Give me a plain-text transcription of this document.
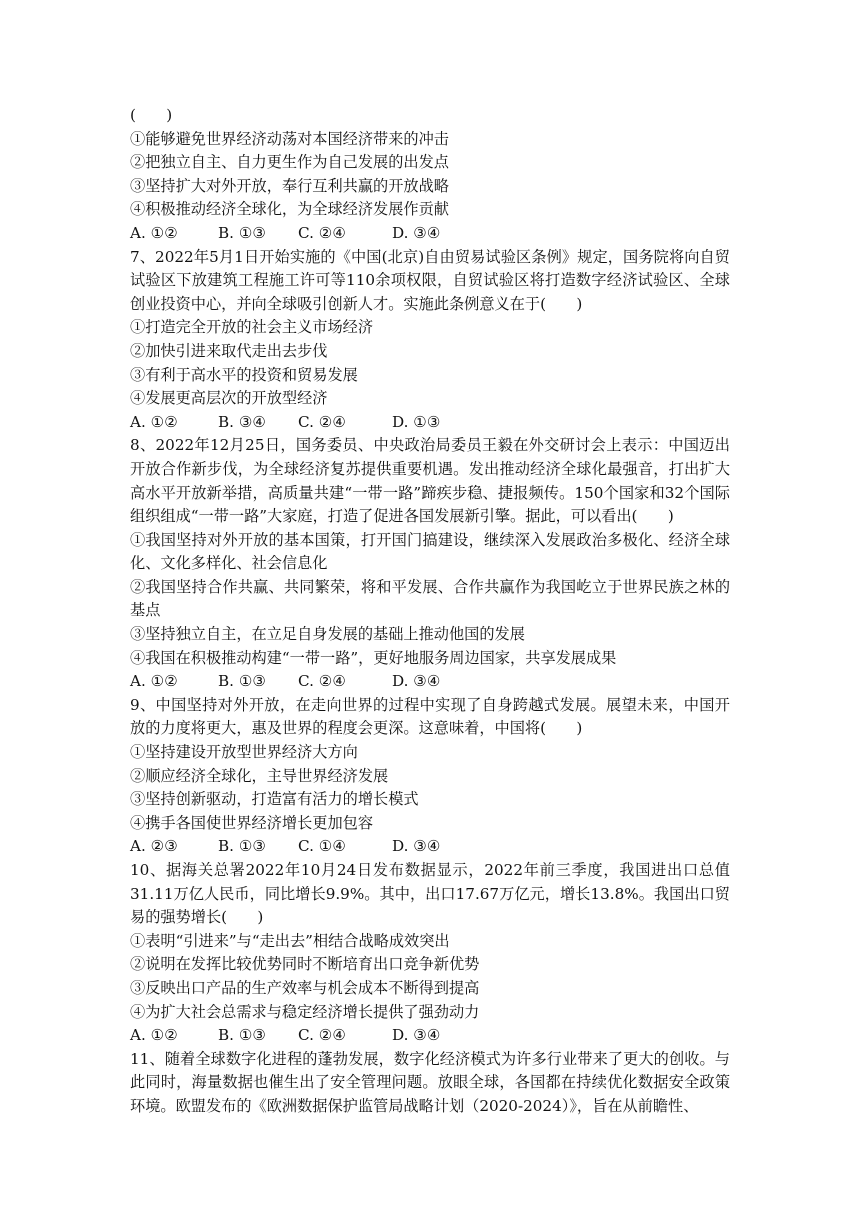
(　　)
①能够避免世界经济动荡对本国经济带来的冲击
②把独立自主、自力更生作为自己发展的出发点
③坚持扩大对外开放，奉行互利共赢的开放战略
④积极推动经济全球化，为全球经济发展作贡献
A. ①②	B. ①③	C. ②④	D. ③④
7、2022年5月1日开始实施的《中国(北京)自由贸易试验区条例》规定，国务院将向自贸试验区下放建筑工程施工许可等110余项权限，自贸试验区将打造数字经济试验区、全球创业投资中心，并向全球吸引创新人才。实施此条例意义在于(　　)
①打造完全开放的社会主义市场经济
②加快引进来取代走出去步伐
③有利于高水平的投资和贸易发展
④发展更高层次的开放型经济
A. ①②	B. ③④	C. ②④	D. ①③
8、2022年12月25日，国务委员、中央政治局委员王毅在外交研讨会上表示：中国迈出开放合作新步伐，为全球经济复苏提供重要机遇。发出推动经济全球化最强音，打出扩大高水平开放新举措，高质量共建“一带一路”蹄疾步稳、捷报频传。150个国家和32个国际组织组成“一带一路”大家庭，打造了促进各国发展新引擎。据此，可以看出(　　)
①我国坚持对外开放的基本国策，打开国门搞建设，继续深入发展政治多极化、经济全球化、文化多样化、社会信息化
②我国坚持合作共赢、共同繁荣，将和平发展、合作共赢作为我国屹立于世界民族之林的基点
③坚持独立自主，在立足自身发展的基础上推动他国的发展
④我国在积极推动构建“一带一路”，更好地服务周边国家，共享发展成果
A. ①②	B. ①③	C. ②④	D. ③④
9、中国坚持对外开放，在走向世界的过程中实现了自身跨越式发展。展望未来，中国开放的力度将更大，惠及世界的程度会更深。这意味着，中国将(　　)
①坚持建设开放型世界经济大方向
②顺应经济全球化，主导世界经济发展
③坚持创新驱动，打造富有活力的增长模式
④携手各国使世界经济增长更加包容
A. ②③	B. ①③	C. ①④	D. ③④
10、据海关总署2022年10月24日发布数据显示，2022年前三季度，我国进出口总值31.11万亿人民币，同比增长9.9%。其中，出口17.67万亿元，增长13.8%。我国出口贸易的强势增长(　　)
①表明“引进来”与“走出去”相结合战略成效突出
②说明在发挥比较优势同时不断培育出口竞争新优势
③反映出口产品的生产效率与机会成本不断得到提高
④为扩大社会总需求与稳定经济增长提供了强劲动力
A. ①②	B. ①③	C. ②④	D. ③④
11、随着全球数字化进程的蓬勃发展，数字化经济模式为许多行业带来了更大的创收。与此同时，海量数据也催生出了安全管理问题。放眼全球，各国都在持续优化数据安全政策环境。欧盟发布的《欧洲数据保护监管局战略计划（2020-2024）》，旨在从前瞻性、
